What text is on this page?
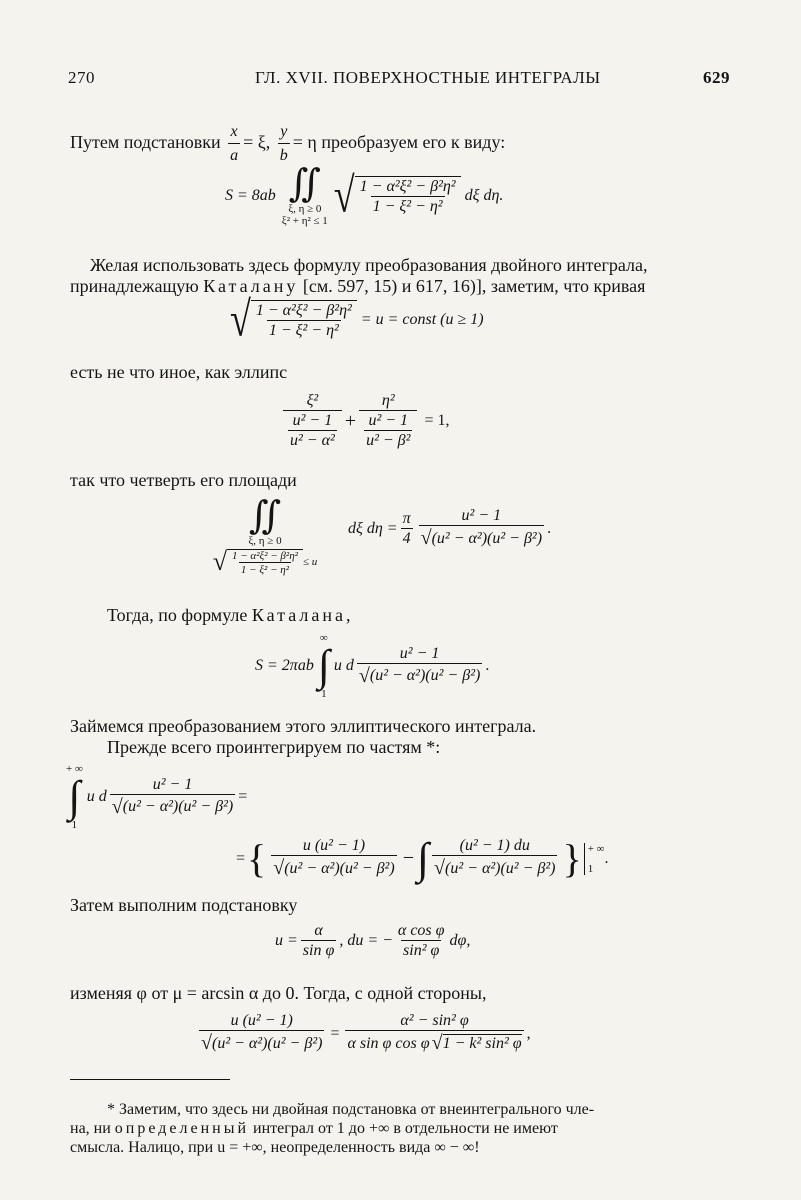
270	ГЛ. XVII. ПОВЕРХНОСТНЫЕ ИНТЕГРАЛЫ	629
Путем подстановки $\frac{x}{a} = \xi$, $\frac{y}{b} = \eta$ преобразуем его к виду:
S = 8ab ∬
ξ, η ≥ 0
ξ² + η² ≤ 1 √ $\frac{\text{1 − α²ξ² − β²η²}}{\text{1 − ξ² − η²}}$ dξ dη.
Желая использовать здесь формулу преобразования двойного интеграла,
принадлежащую Каталану [см. 597, 15) и 617, 16)], заметим, что кривая
√ $\frac{\text{1 − α²ξ² − β²η²}}{\text{1 − ξ² − η²}} = u$ = const (u ≥ 1)
есть не что иное, как эллипс
$\frac{\text{ξ²}}{\frac{\text{u² − 1}}{\text{u² − α²}}} + \frac{\text{η²}}{\frac{\text{u² − 1}}{\text{u² − β²}}} = 1$,
так что четверть его площади
∬
ξ, η ≥ 0
√ $\frac{\text{1 − α²ξ² − β²η²}}{\text{1 − ξ² − η²}} \le u$
dξ $d\eta = \frac{\pi}{4} \frac{\text{u² − 1}}{\text{√ (u² − α²)(u² − β²)}}$ .
Тогда, по формуле Каталана,
S = 2πab
∞
∫
1
u d $\frac{\text{u² − 1}}{\text{√ (u² − α²)(u² − β²)}}$ .
Займемся преобразованием этого эллиптического интеграла.
Прежде всего проинтегрируем по частям *:
+ ∞
∫
1
u d $\frac{\text{u² − 1}}{\text{√ (u² − α²)(u² − β²)}}$ =
= { $\frac{\text{u (u² − 1)}}{\text{√ (u² − α²)(u² − β²)}}$ − ∫ $\frac{\text{(u² − 1) du}}{\text{√ (u² − α²)(u² − β²)}}$ } + ∞
1
.
Затем выполним подстановку
$u = \frac{\alpha}{\text{sin φ}}$ , du = − $\frac{\text{α cos φ}}{\text{sin² φ}} d\varphi$,
изменяя φ от μ = arcsin α до 0. Тогда, с одной стороны,
$\frac{\text{u (u² − 1)}}{\text{√ (u² − α²)(u² − β²)}} = \frac{\text{α² − sin² φ}}{\text{α sin φ cos φ √ 1 − k² sin² φ}}$ ,
* Заметим, что здесь ни двойная подстановка от внеинтегрального чле-
на, ни определенный интеграл от 1 до +∞ в отдельности не имеют
смысла. Налицо, при u = +∞, неопределенность вида ∞ − ∞!
